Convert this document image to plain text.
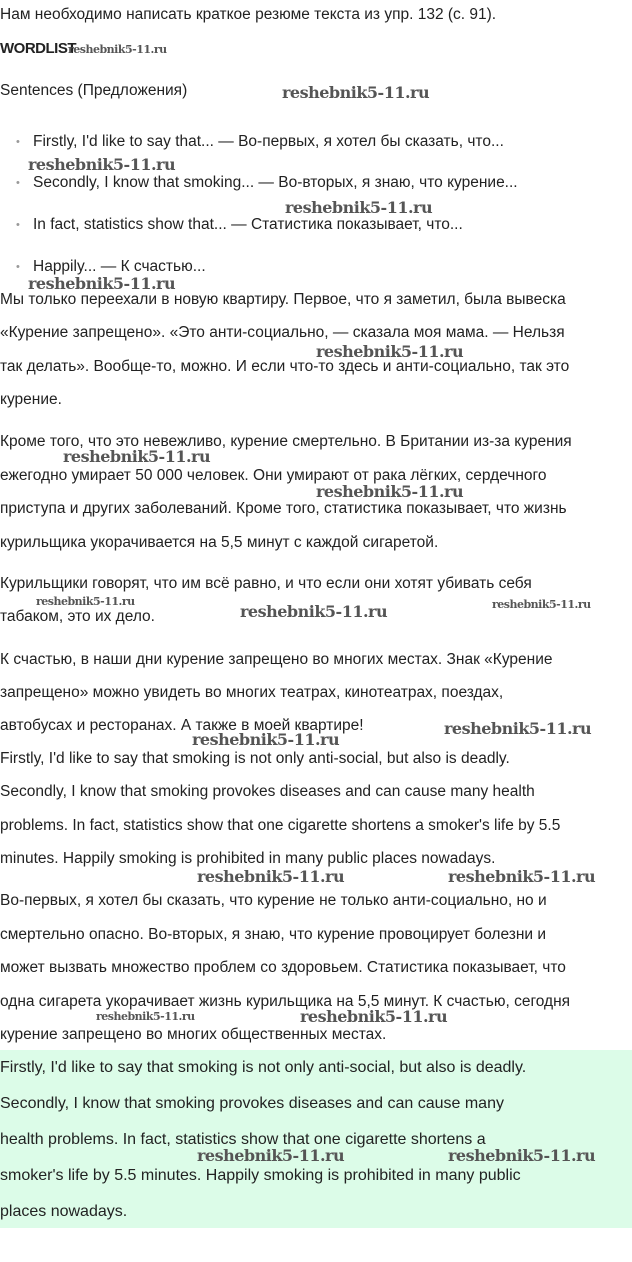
Нам необходимо написать краткое резюме текста из упр. 132 (с. 91).
WORDLIST
Sentences (Предложения)
• Firstly, I'd like to say that... — Во-первых, я хотел бы сказать, что...
• Secondly, I know that smoking... — Во-вторых, я знаю, что курение...
• In fact, statistics show that... — Статистика показывает, что...
• Happily... — К счастью...
Мы только переехали в новую квартиру. Первое, что я заметил, была вывеска
«Курение запрещено». «Это анти-социально, — сказала моя мама. — Нельзя
так делать». Вообще-то, можно. И если что-то здесь и анти-социально, так это
курение.
Кроме того, что это невежливо, курение смертельно. В Британии из-за курения
ежегодно умирает 50 000 человек. Они умирают от рака лёгких, сердечного
приступа и других заболеваний. Кроме того, статистика показывает, что жизнь
курильщика укорачивается на 5,5 минут с каждой сигаретой.
Курильщики говорят, что им всё равно, и что если они хотят убивать себя
табаком, это их дело.
К счастью, в наши дни курение запрещено во многих местах. Знак «Курение
запрещено» можно увидеть во многих театрах, кинотеатрах, поездах,
автобусах и ресторанах. А также в моей квартире!
Firstly, I'd like to say that smoking is not only anti-social, but also is deadly.
Secondly, I know that smoking provokes diseases and can cause many health
problems. In fact, statistics show that one cigarette shortens a smoker's life by 5.5
minutes. Happily smoking is prohibited in many public places nowadays.
Во-первых, я хотел бы сказать, что курение не только анти-социально, но и
смертельно опасно. Во-вторых, я знаю, что курение провоцирует болезни и
может вызвать множество проблем со здоровьем. Статистика показывает, что
одна сигарета укорачивает жизнь курильщика на 5,5 минут. К счастью, сегодня
курение запрещено во многих общественных местах.
Firstly, I'd like to say that smoking is not only anti-social, but also is deadly.
Secondly, I know that smoking provokes diseases and can cause many
health problems. In fact, statistics show that one cigarette shortens a
smoker's life by 5.5 minutes. Happily smoking is prohibited in many public
places nowadays.
reshebnik5-11.ru
reshebnik5-11.ru
reshebnik5-11.ru
reshebnik5-11.ru
reshebnik5-11.ru
reshebnik5-11.ru
reshebnik5-11.ru
reshebnik5-11.ru
reshebnik5-11.ru
reshebnik5-11.ru	reshebnik5-11.ru
reshebnik5-11.ru
reshebnik5-11.ru
reshebnik5-11.ru	reshebnik5-11.ru
reshebnik5-11.ru	reshebnik5-11.ru
reshebnik5-11.ru	reshebnik5-11.ru
